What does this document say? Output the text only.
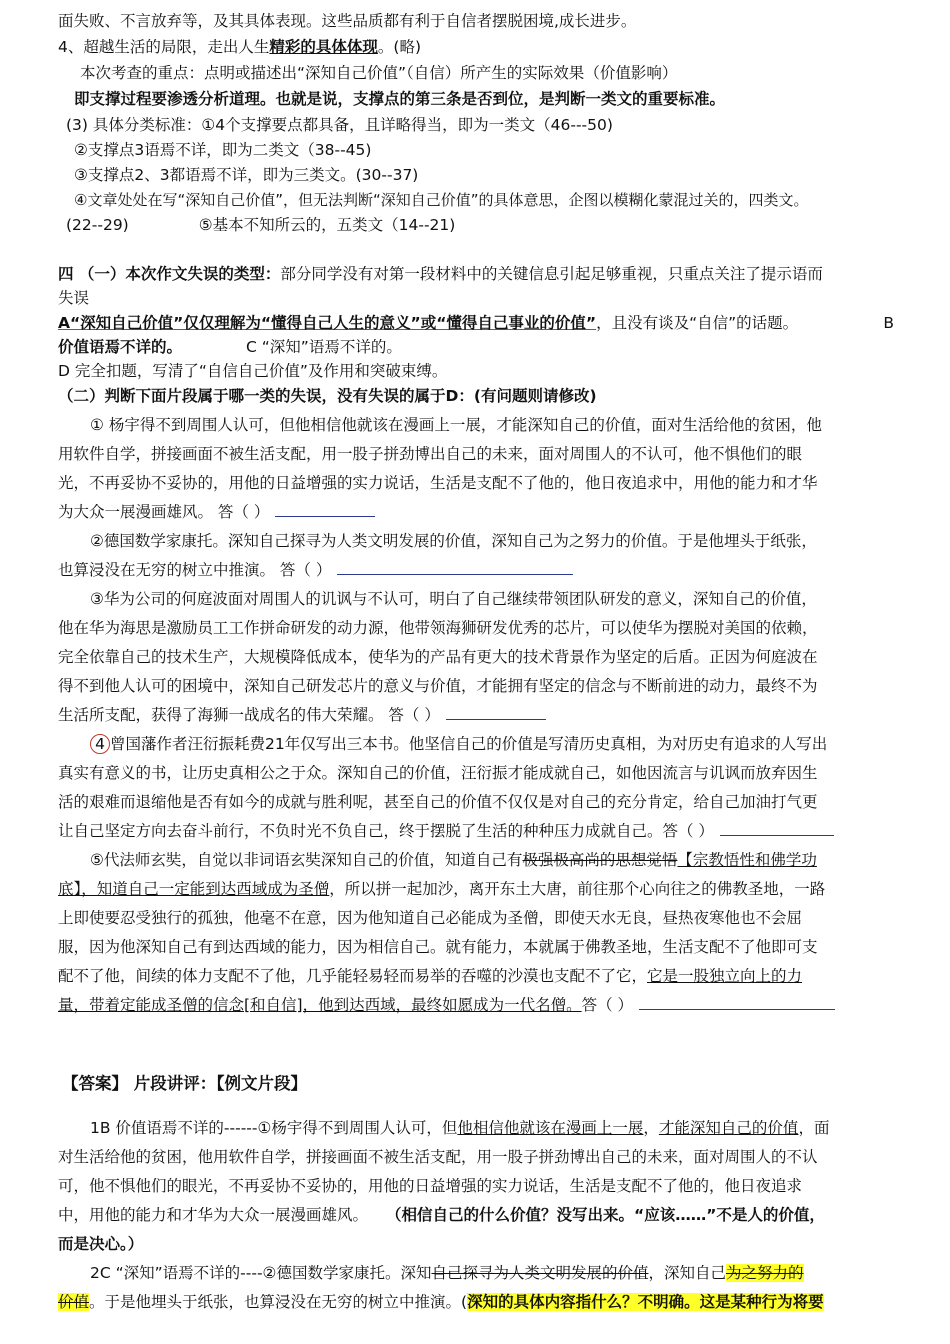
面失败、不言放弃等，及其具体表现。这些品质都有利于自信者摆脱困境,成长进步。
4、超越生活的局限，走出人生精彩的具体体现。(略)
本次考查的重点：点明或描述出“深知自己价值”（自信）所产生的实际效果（价值影响）
即支撑过程要渗透分析道理。也就是说，支撑点的第三条是否到位，是判断一类文的重要标准。
(3) 具体分类标准：①4个支撑要点都具备，且详略得当，即为一类文（46---50)
②支撑点3语焉不详，即为二类文（38--45)
③支撑点2、3都语焉不详，即为三类文。(30--37)
④文章处处在写“深知自己价值”，但无法判断“深知自己价值”的具体意思，企图以模糊化蒙混过关的，四类文。
(22--29)	⑤基本不知所云的，五类文（14--21)
四 （一）本次作文失误的类型：部分同学没有对第一段材料中的关键信息引起足够重视，只重点关注了提示语而
失误
A“深知自己价值”仅仅理解为“懂得自己人生的意义”或“懂得自己事业的价值”，且没有谈及“自信”的话题。	B
价值语焉不详的。	C “深知”语焉不详的。
D 完全扣题，写清了“自信自己价值”及作用和突破束缚。
（二）判断下面片段属于哪一类的失误，没有失误的属于D：(有问题则请修改)
① 杨宇得不到周围人认可，但他相信他就该在漫画上一展，才能深知自己的价值，面对生活给他的贫困，他
用软件自学，拼接画面不被生活支配，用一股子拼劲博出自己的未来，面对周围人的不认可，他不惧他们的眼
光，不再妥协不妥协的，用他的日益增强的实力说话，生活是支配不了他的，他日夜追求中，用他的能力和才华
为大众一展漫画雄风。 答（ ）
②德国数学家康托。深知自己探寻为人类文明发展的价值，深知自己为之努力的价值。于是他埋头于纸张，
也算浸没在无穷的树立中推演。 答（ ）
③华为公司的何庭波面对周围人的讥讽与不认可，明白了自己继续带领团队研发的意义，深知自己的价值，
他在华为海思是激励员工工作拼命研发的动力源，他带领海狮研发优秀的芯片，可以使华为摆脱对美国的依赖，
完全依靠自己的技术生产，大规模降低成本，使华为的产品有更大的技术背景作为坚定的后盾。正因为何庭波在
得不到他人认可的困境中，深知自己研发芯片的意义与价值，才能拥有坚定的信念与不断前进的动力，最终不为
生活所支配，获得了海狮一战成名的伟大荣耀。 答（ ）
4 曾国藩作者汪衍振耗费21年仅写出三本书。他坚信自己的价值是写清历史真相，为对历史有追求的人写出
真实有意义的书，让历史真相公之于众。深知自己的价值，汪衍振才能成就自己，如他因流言与讥讽而放弃因生
活的艰难而退缩他是否有如今的成就与胜利呢，甚至自己的价值不仅仅是对自己的充分肯定，给自己加油打气更
让自己坚定方向去奋斗前行，不负时光不负自己，终于摆脱了生活的种种压力成就自己。答（ ）
⑤代法师玄奘，自觉以非词语玄奘深知自己的价值，知道自己有极强极高尚的思想觉悟【宗教悟性和佛学功
底】，知道自己一定能到达西域成为圣僧，所以拼一起加沙，离开东土大唐，前往那个心向往之的佛教圣地，一路
上即使要忍受独行的孤独，他毫不在意，因为他知道自己必能成为圣僧，即使天水无良，昼热夜寒他也不会屈
服，因为他深知自己有到达西域的能力，因为相信自己。就有能力，本就属于佛教圣地，生活支配不了他即可支
配不了他，间续的体力支配不了他，几乎能轻易轻而易举的吞噬的沙漠也支配不了它，它是一股独立向上的力
量，带着定能成圣僧的信念[和自信]，他到达西域，最终如愿成为一代名僧。答（ ）
【答案】 片段讲评：【例文片段】
1B 价值语焉不详的------①杨宇得不到周围人认可，但他相信他就该在漫画上一展，才能深知自己的价值，面
对生活给他的贫困，他用软件自学，拼接画面不被生活支配，用一股子拼劲博出自己的未来，面对周围人的不认
可，他不惧他们的眼光，不再妥协不妥协的，用他的日益增强的实力说话，生活是支配不了他的，他日夜追求
中，用他的能力和才华为大众一展漫画雄风。 （相信自己的什么价值？没写出来。“应该……”不是人的价值，
而是决心。）
2C “深知”语焉不详的----②德国数学家康托。深知自己探寻为人类文明发展的价值，深知自己为之努力的
价值。于是他埋头于纸张，也算浸没在无穷的树立中推演。(深知的具体内容指什么？不明确。这是某种行为将要
